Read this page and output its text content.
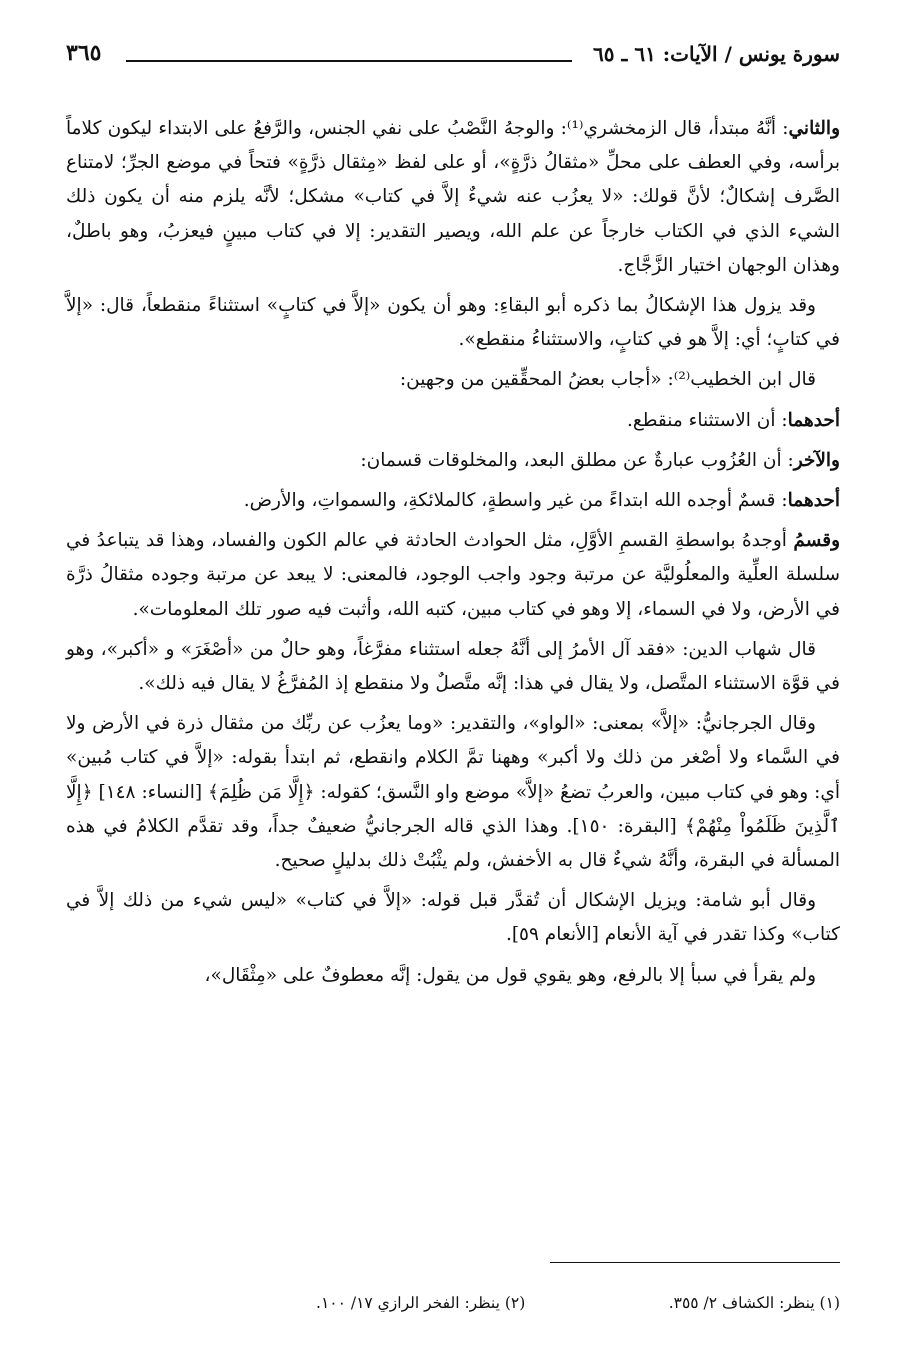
سورة يونس / الآيات: ٦١ ـ ٦٥
٣٦٥

والثاني: أنَّهُ مبتدأ، قال الزمخشري⁽¹⁾: والوجهُ النَّصْبُ على نفي الجنس، والرَّفعُ على الابتداء ليكون كلاماً برأسه، وفي العطف على محلِّ «مثقالُ ذرَّةٍ»، أو على لفظ «مِثقال ذرَّةٍ» فتحاً في موضع الجرِّ؛ لامتناع الصَّرف إشكالٌ؛ لأنَّ قولك: «لا يعزُب عنه شيءٌ إلاَّ في كتاب» مشكل؛ لأنَّه يلزم منه أن يكون ذلك الشيء الذي في الكتاب خارجاً عن علم الله، ويصير التقدير: إلا في كتاب مبينٍ فيعزبُ، وهو باطلٌ، وهذان الوجهان اختيار الزَّجَّاج.

وقد يزول هذا الإشكالُ بما ذكره أبو البقاءِ: وهو أن يكون «إلاَّ في كتابٍ» استثناءً منقطعاً، قال: «إلاَّ في كتابٍ؛ أي: إلاَّ هو في كتابٍ، والاستثناءُ منقطع».

قال ابن الخطيب⁽²⁾: «أجاب بعضُ المحقِّقين من وجهين:

أحدهما: أن الاستثناء منقطع.

والآخر: أن العُزُوب عبارةٌ عن مطلق البعد، والمخلوقات قسمان:

أحدهما: قسمٌ أوجده الله ابتداءً من غير واسطةٍ، كالملائكةِ، والسمواتِ، والأرض.

وقسمُ أوجدهُ بواسطةِ القسمِ الأوَّلِ، مثل الحوادث الحادثة في عالم الكون والفساد، وهذا قد يتباعدُ في سلسلة العلِّية والمعلُوليَّة عن مرتبة وجود واجب الوجود، فالمعنى: لا يبعد عن مرتبة وجوده مثقالُ ذرَّة في الأرض، ولا في السماء، إلا وهو في كتاب مبين، كتبه الله، وأثبت فيه صور تلك المعلومات».

قال شهاب الدين: «فقد آل الأمرُ إلى أنَّهُ جعله استثناء مفرَّغاً، وهو حالٌ من «أصْغَرَ» و «أكبر»، وهو في قوَّة الاستثناء المتَّصل، ولا يقال في هذا: إنَّه متَّصلٌ ولا منقطع إذ المُفرَّغُ لا يقال فيه ذلك».

وقال الجرجانيُّ: «إلاَّ» بمعنى: «الواو»، والتقدير: «وما يعزُب عن ربِّك من مثقال ذرة في الأرض ولا في السَّماء ولا أصْغر من ذلك ولا أكبر» وههنا تمَّ الكلام وانقطع، ثم ابتدأ بقوله: «إلاَّ في كتاب مُبين» أي: وهو في كتاب مبين، والعربُ تضعُ «إلاَّ» موضع واو النَّسق؛ كقوله: ﴿إِلَّا مَن ظُلِمَ﴾ [النساء: ١٤٨] ﴿إِلَّا ٱلَّذِينَ ظَلَمُواْ مِنْهُمْ﴾ [البقرة: ١٥٠]. وهذا الذي قاله الجرجانيُّ ضعيفٌ جداً، وقد تقدَّم الكلامُ في هذه المسألة في البقرة، وأنَّهُ شيءٌ قال به الأخفش، ولم يثْبُتْ ذلك بدليلٍ صحيح.

وقال أبو شامة: ويزيل الإشكال أن تُقدَّر قبل قوله: «إلاَّ في كتاب» «ليس شيء من ذلك إلاَّ في كتاب» وكذا تقدر في آية الأنعام [الأنعام ٥٩].

ولم يقرأ في سبأ إلا بالرفع، وهو يقوي قول من يقول: إنَّه معطوفٌ على «مِثْقَال»،

(١) ينظر: الكشاف ٢/ ٣٥٥.
(٢) ينظر: الفخر الرازي ١٧/ ١٠٠.
